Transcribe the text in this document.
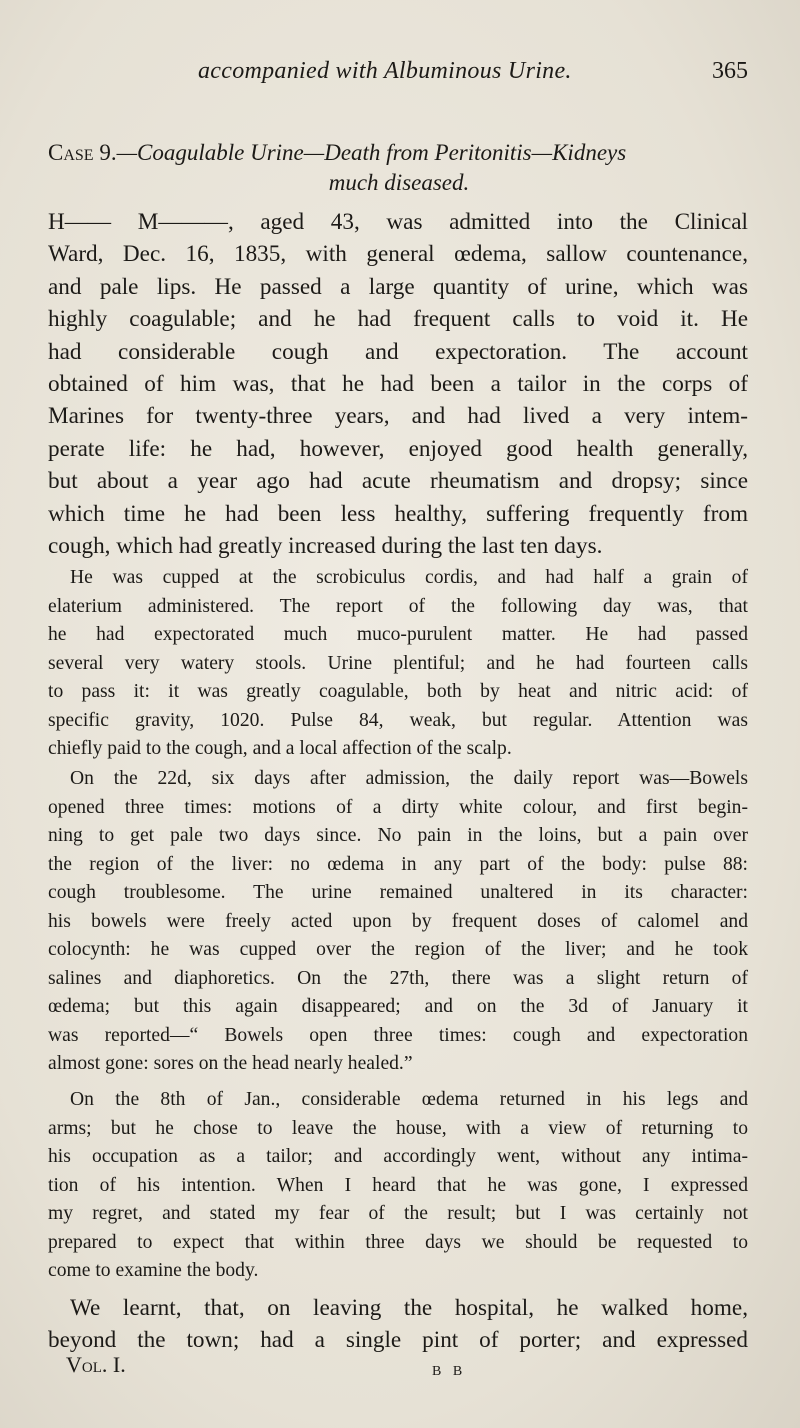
accompanied with Albuminous Urine.	365
Case 9.—Coagulable Urine—Death from Peritonitis—Kidneys
much diseased.
H—— M———, aged 43, was admitted into the Clinical
Ward, Dec. 16, 1835, with general œdema, sallow countenance,
and pale lips. He passed a large quantity of urine, which was
highly coagulable; and he had frequent calls to void it. He
had considerable cough and expectoration. The account
obtained of him was, that he had been a tailor in the corps of
Marines for twenty-three years, and had lived a very intem-
perate life: he had, however, enjoyed good health generally,
but about a year ago had acute rheumatism and dropsy; since
which time he had been less healthy, suffering frequently from
cough, which had greatly increased during the last ten days.
He was cupped at the scrobiculus cordis, and had half a grain of
elaterium administered. The report of the following day was, that
he had expectorated much muco-purulent matter. He had passed
several very watery stools. Urine plentiful; and he had fourteen calls
to pass it: it was greatly coagulable, both by heat and nitric acid: of
specific gravity, 1020. Pulse 84, weak, but regular. Attention was
chiefly paid to the cough, and a local affection of the scalp.
On the 22d, six days after admission, the daily report was—Bowels
opened three times: motions of a dirty white colour, and first begin-
ning to get pale two days since. No pain in the loins, but a pain over
the region of the liver: no œdema in any part of the body: pulse 88:
cough troublesome. The urine remained unaltered in its character:
his bowels were freely acted upon by frequent doses of calomel and
colocynth: he was cupped over the region of the liver; and he took
salines and diaphoretics. On the 27th, there was a slight return of
œdema; but this again disappeared; and on the 3d of January it
was reported—“ Bowels open three times: cough and expectoration
almost gone: sores on the head nearly healed.”
On the 8th of Jan., considerable œdema returned in his legs and
arms; but he chose to leave the house, with a view of returning to
his occupation as a tailor; and accordingly went, without any intima-
tion of his intention. When I heard that he was gone, I expressed
my regret, and stated my fear of the result; but I was certainly not
prepared to expect that within three days we should be requested to
come to examine the body.
We learnt, that, on leaving the hospital, he walked home,
beyond the town; had a single pint of porter; and expressed
Vol. I.	B B
